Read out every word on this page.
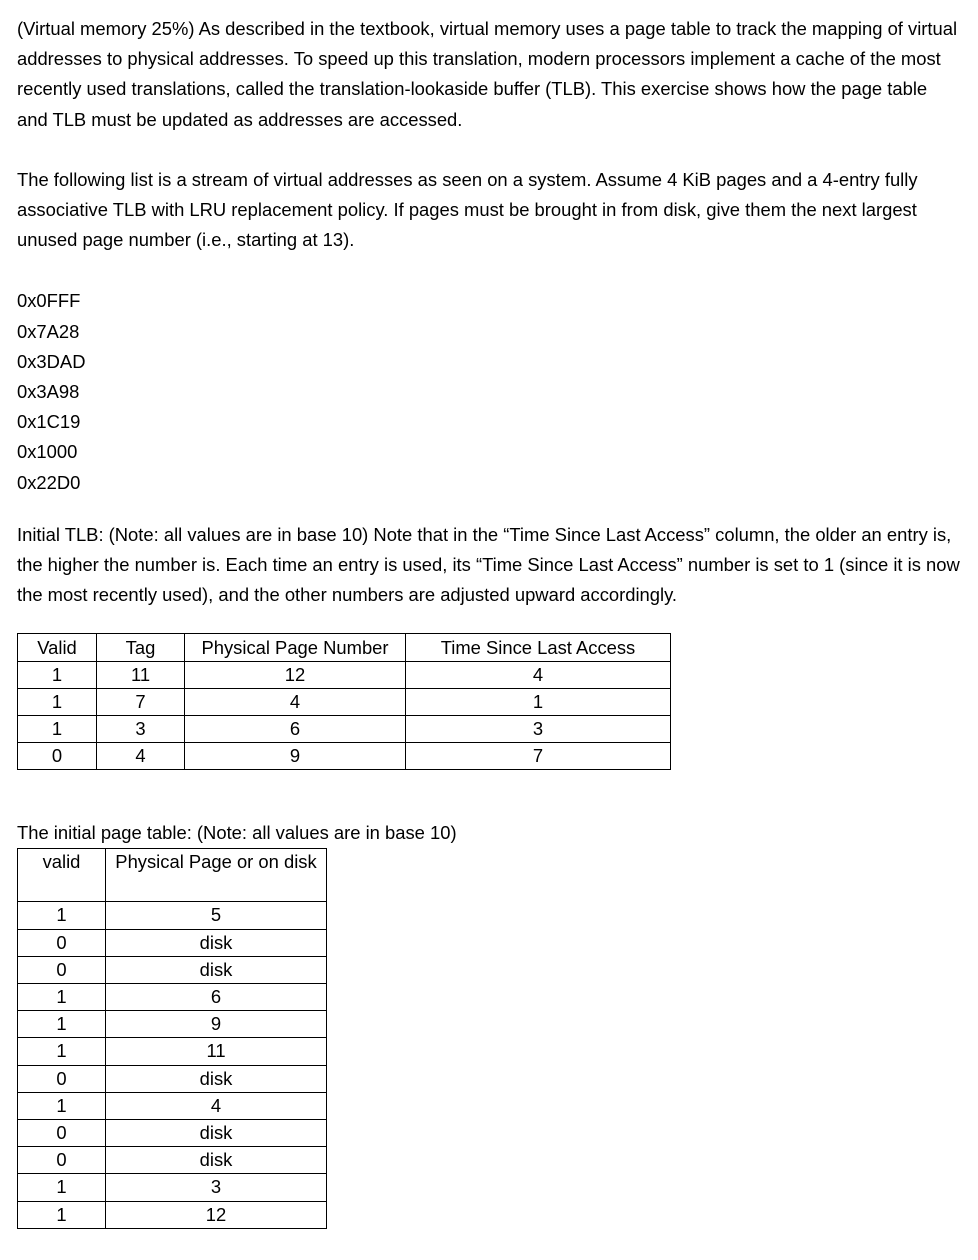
(Virtual memory 25%) As described in the textbook, virtual memory uses a page table to track the mapping of virtual addresses to physical addresses. To speed up this translation, modern processors implement a cache of the most recently used translations, called the translation-lookaside buffer (TLB). This exercise shows how the page table and TLB must be updated as addresses are accessed.

The following list is a stream of virtual addresses as seen on a system. Assume 4 KiB pages and a 4-entry fully associative TLB with LRU replacement policy. If pages must be brought in from disk, give them the next largest unused page number (i.e., starting at 13).

0x0FFF
0x7A28
0x3DAD
0x3A98
0x1C19
0x1000
0x22D0

Initial TLB: (Note: all values are in base 10) Note that in the “Time Since Last Access” column, the older an entry is, the higher the number is. Each time an entry is used, its “Time Since Last Access” number is set to 1 (since it is now the most recently used), and the other numbers are adjusted upward accordingly.

Valid	Tag	Physical Page Number	Time Since Last Access
1	11	12	4
1	7	4	1
1	3	6	3
0	4	9	7

The initial page table: (Note: all values are in base 10)

valid	Physical Page or on disk
1	5
0	disk
0	disk
1	6
1	9
1	11
0	disk
1	4
0	disk
0	disk
1	3
1	12
